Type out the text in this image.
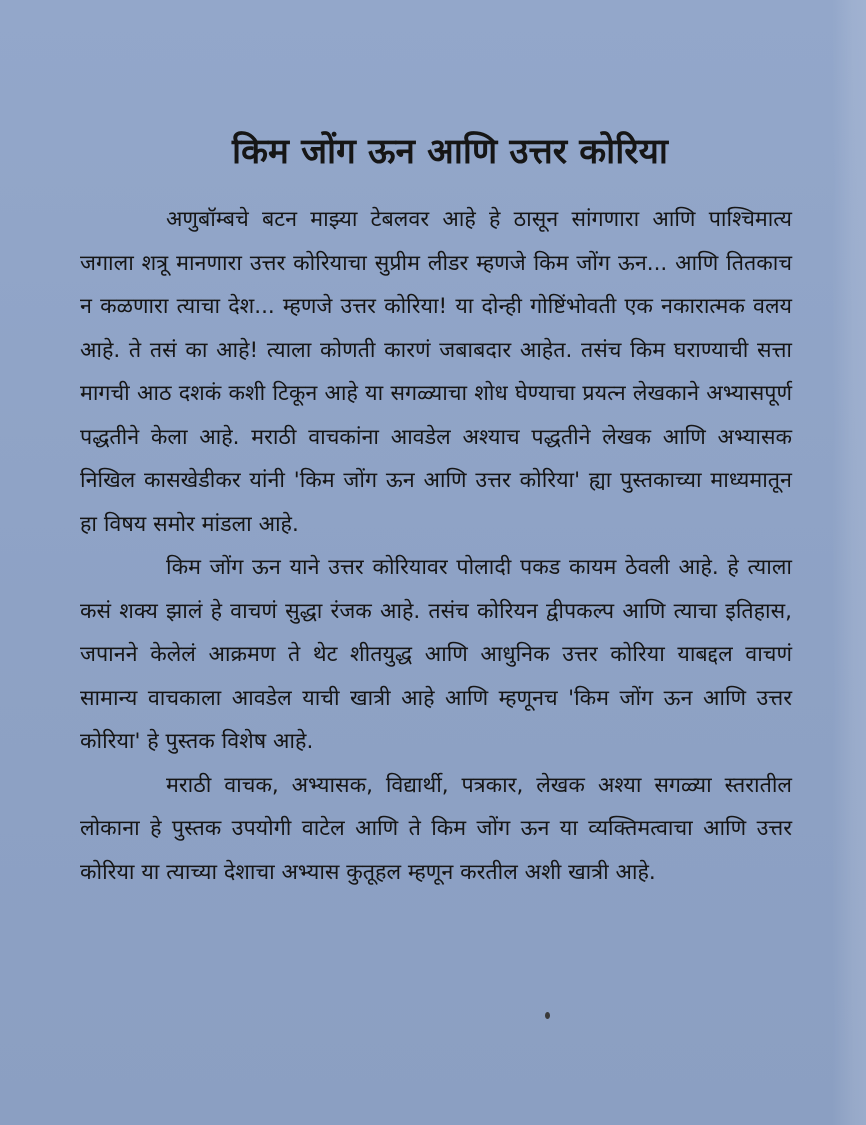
किम जोंग ऊन आणि उत्तर कोरिया

अणुबॉम्बचे बटन माझ्या टेबलवर आहे हे ठासून सांगणारा आणि पाश्चिमात्य जगाला शत्रू मानणारा उत्तर कोरियाचा सुप्रीम लीडर म्हणजे किम जोंग ऊन... आणि तितकाच न कळणारा त्याचा देश... म्हणजे उत्तर कोरिया! या दोन्ही गोष्टिंभोवती एक नकारात्मक वलय आहे. ते तसं का आहे! त्याला कोणती कारणं जबाबदार आहेत. तसंच किम घराण्याची सत्ता मागची आठ दशकं कशी टिकून आहे या सगळ्याचा शोध घेण्याचा प्रयत्न लेखकाने अभ्यासपूर्ण पद्धतीने केला आहे. मराठी वाचकांना आवडेल अश्याच पद्धतीने लेखक आणि अभ्यासक निखिल कासखेडीकर यांनी 'किम जोंग ऊन आणि उत्तर कोरिया' ह्या पुस्तकाच्या माध्यमातून हा विषय समोर मांडला आहे.

किम जोंग ऊन याने उत्तर कोरियावर पोलादी पकड कायम ठेवली आहे. हे त्याला कसं शक्य झालं हे वाचणं सुद्धा रंजक आहे. तसंच कोरियन द्वीपकल्प आणि त्याचा इतिहास, जपानने केलेलं आक्रमण ते थेट शीतयुद्ध आणि आधुनिक उत्तर कोरिया याबद्दल वाचणं सामान्य वाचकाला आवडेल याची खात्री आहे आणि म्हणूनच 'किम जोंग ऊन आणि उत्तर कोरिया' हे पुस्तक विशेष आहे.

मराठी वाचक, अभ्यासक, विद्यार्थी, पत्रकार, लेखक अश्या सगळ्या स्तरातील लोकाना हे पुस्तक उपयोगी वाटेल आणि ते किम जोंग ऊन या व्यक्तिमत्वाचा आणि उत्तर कोरिया या त्याच्या देशाचा अभ्यास कुतूहल म्हणून करतील अशी खात्री आहे.
